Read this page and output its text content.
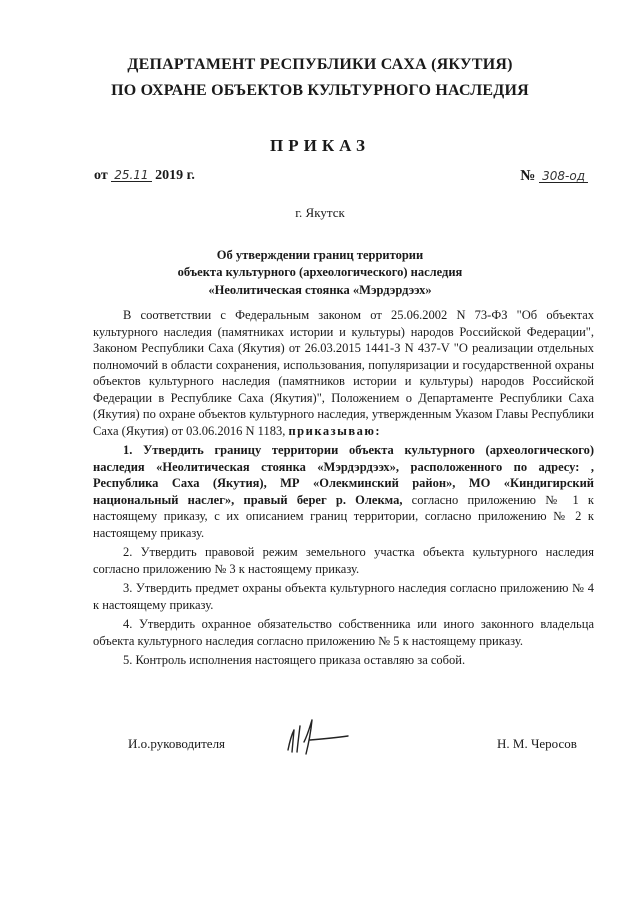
ДЕПАРТАМЕНТ РЕСПУБЛИКИ САХА (ЯКУТИЯ)
ПО ОХРАНЕ ОБЪЕКТОВ КУЛЬТУРНОГО НАСЛЕДИЯ
ПРИКАЗ
от 25.11 2019 г.	№ 308-од
г. Якутск
Об утверждении границ территории
объекта культурного (археологического) наследия
«Неолитическая стоянка «Мэрдэрдээх»

В соответствии с Федеральным законом от 25.06.2002 N 73-ФЗ "Об объектах культурного наследия (памятниках истории и культуры) народов Российской Федерации", Законом Республики Саха (Якутия) от 26.03.2015 1441-З N 437-V "О реализации отдельных полномочий в области сохранения, использования, популяризации и государственной охраны объектов культурного наследия (памятников истории и культуры) народов Российской Федерации в Республике Саха (Якутия)", Положением о Департаменте Республики Саха (Якутия) по охране объектов культурного наследия, утвержденным Указом Главы Республики Саха (Якутия) от 03.06.2016 N 1183, приказываю:

1. Утвердить границу территории объекта культурного (археологического) наследия «Неолитическая стоянка «Мэрдэрдээх», расположенного по адресу: , Республика Саха (Якутия), МР «Олекминский район», МО «Киндигирский национальный наслег», правый берег р. Олекма, согласно приложению № 1 к настоящему приказу, с их описанием границ территории, согласно приложению № 2 к настоящему приказу.

2. Утвердить правовой режим земельного участка объекта культурного наследия согласно приложению № 3 к настоящему приказу.

3. Утвердить предмет охраны объекта культурного наследия согласно приложению № 4 к настоящему приказу.

4. Утвердить охранное обязательство собственника или иного законного владельца объекта культурного наследия согласно приложению № 5 к настоящему приказу.

5. Контроль исполнения настоящего приказа оставляю за собой.

И.о.руководителя	Н. М. Черосов
